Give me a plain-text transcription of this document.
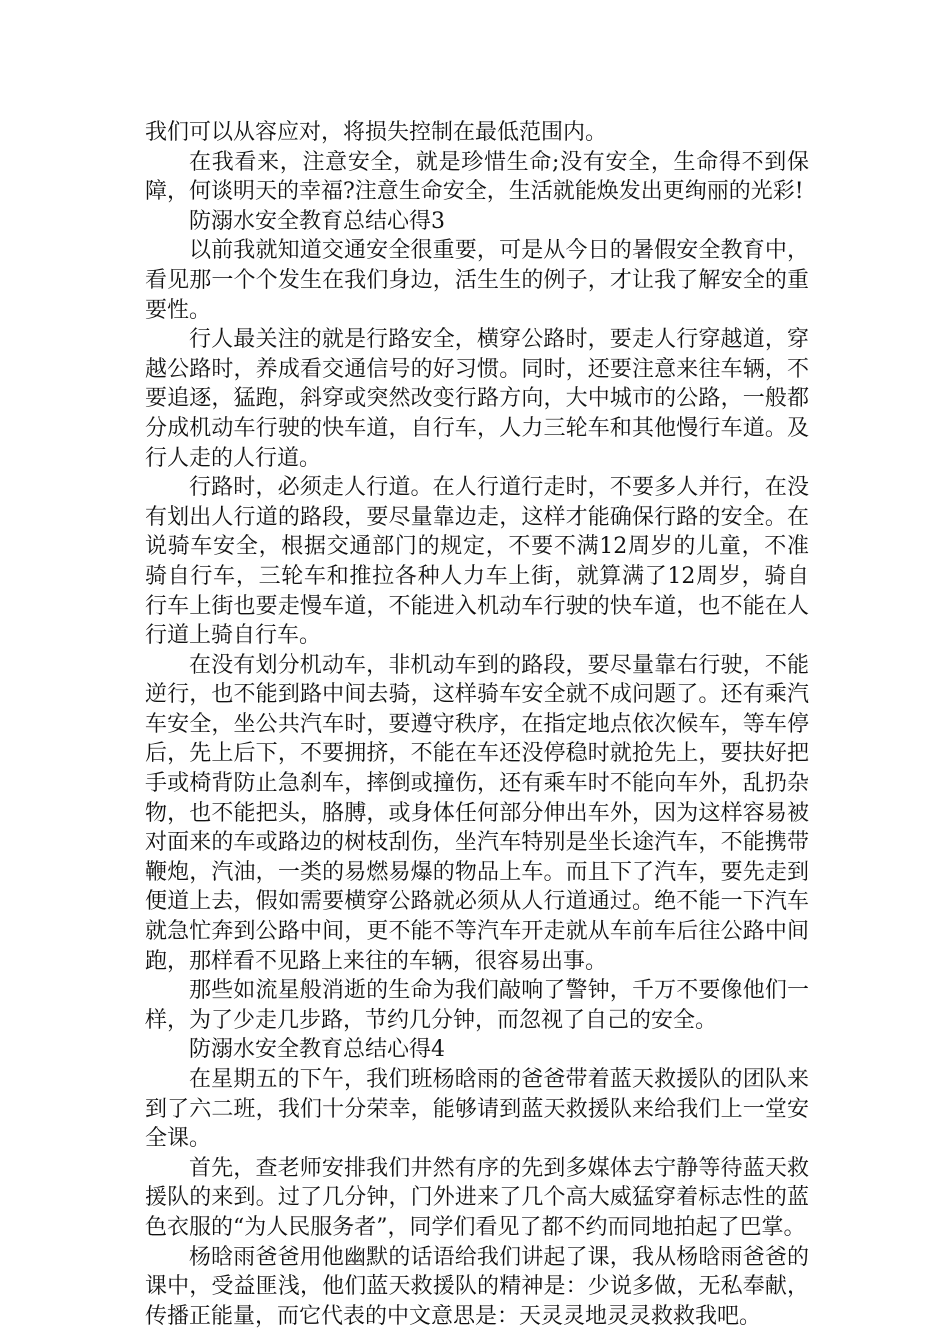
我们可以从容应对，将损失控制在最低范围内。

在我看来，注意安全，就是珍惜生命;没有安全，生命得不到保障，何谈明天的幸福?注意生命安全，生活就能焕发出更绚丽的光彩!

防溺水安全教育总结心得3

以前我就知道交通安全很重要，可是从今日的暑假安全教育中，看见那一个个发生在我们身边，活生生的例子，才让我了解安全的重要性。

行人最关注的就是行路安全，横穿公路时，要走人行穿越道，穿越公路时，养成看交通信号的好习惯。同时，还要注意来往车辆，不要追逐，猛跑，斜穿或突然改变行路方向，大中城市的公路，一般都分成机动车行驶的快车道，自行车，人力三轮车和其他慢行车道。及行人走的人行道。

行路时，必须走人行道。在人行道行走时，不要多人并行，在没有划出人行道的路段，要尽量靠边走，这样才能确保行路的安全。在说骑车安全，根据交通部门的规定，不要不满12周岁的儿童，不准骑自行车，三轮车和推拉各种人力车上街，就算满了12周岁，骑自行车上街也要走慢车道，不能进入机动车行驶的快车道，也不能在人行道上骑自行车。

在没有划分机动车，非机动车到的路段，要尽量靠右行驶，不能逆行，也不能到路中间去骑，这样骑车安全就不成问题了。还有乘汽车安全，坐公共汽车时，要遵守秩序，在指定地点依次候车，等车停后，先上后下，不要拥挤，不能在车还没停稳时就抢先上，要扶好把手或椅背防止急刹车，摔倒或撞伤，还有乘车时不能向车外，乱扔杂物，也不能把头，胳膊，或身体任何部分伸出车外，因为这样容易被对面来的车或路边的树枝刮伤，坐汽车特别是坐长途汽车，不能携带鞭炮，汽油，一类的易燃易爆的物品上车。而且下了汽车，要先走到便道上去，假如需要横穿公路就必须从人行道通过。绝不能一下汽车就急忙奔到公路中间，更不能不等汽车开走就从车前车后往公路中间跑，那样看不见路上来往的车辆，很容易出事。

那些如流星般消逝的生命为我们敲响了警钟，千万不要像他们一样，为了少走几步路，节约几分钟，而忽视了自己的安全。

防溺水安全教育总结心得4

在星期五的下午，我们班杨晗雨的爸爸带着蓝天救援队的团队来到了六二班，我们十分荣幸，能够请到蓝天救援队来给我们上一堂安全课。

首先，查老师安排我们井然有序的先到多媒体去宁静等待蓝天救援队的来到。过了几分钟，门外进来了几个高大威猛穿着标志性的蓝色衣服的“为人民服务者”，同学们看见了都不约而同地拍起了巴掌。

杨晗雨爸爸用他幽默的话语给我们讲起了课，我从杨晗雨爸爸的课中，受益匪浅，他们蓝天救援队的精神是：少说多做，无私奉献，传播正能量，而它代表的中文意思是：天灵灵地灵灵救救我吧。
